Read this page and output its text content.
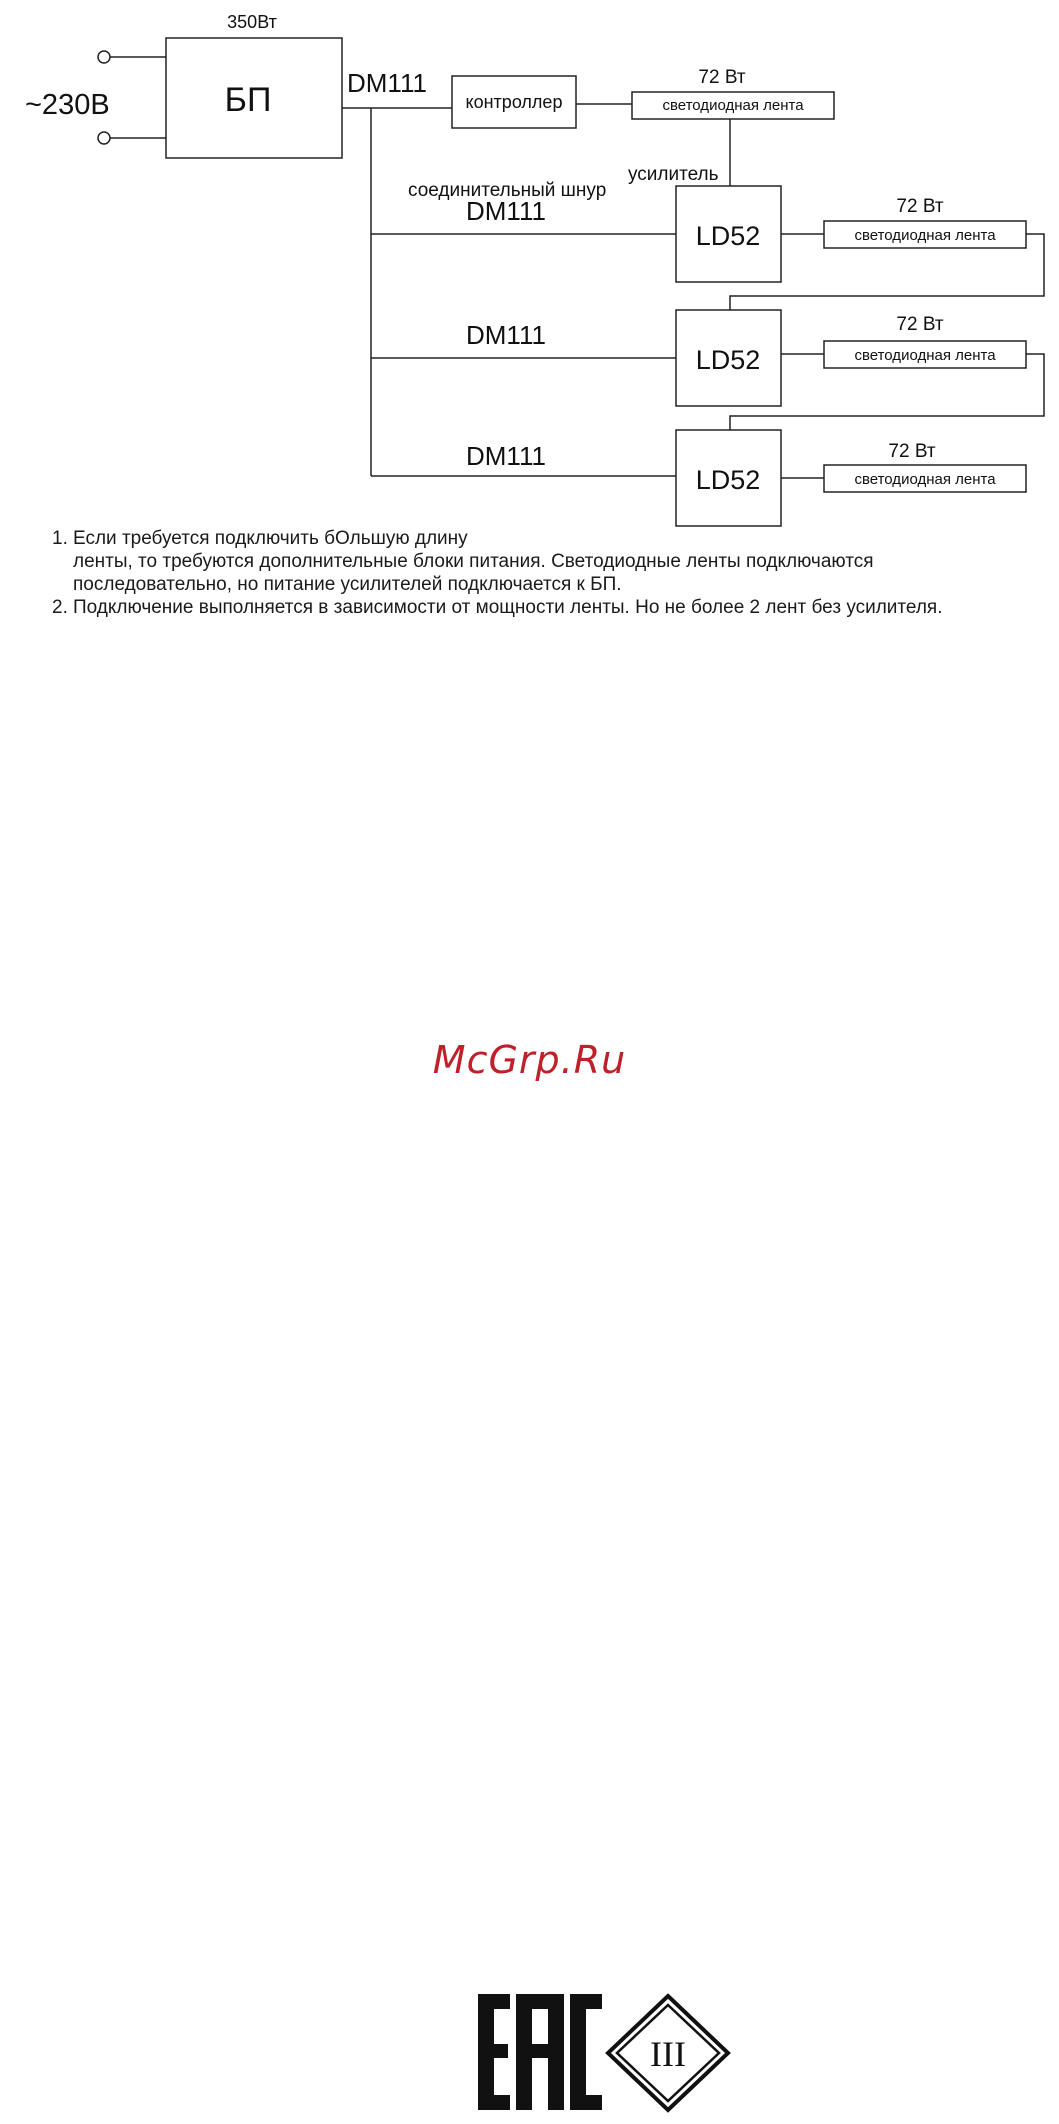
350Вт
~230В	БП	DM111
контроллер
72 Вт
светодиодная лента
усилитель
соединительный шнур
DM111
LD52
72 Вт
светодиодная лента
DM111
LD52
72 Вт
светодиодная лента
DM111
LD52
72 Вт
светодиодная лента
1. Если требуется подключить бОльшую длину
ленты, то требуются дополнительные блоки питания. Светодиодные ленты подключаются
последовательно, но питание усилителей подключается к БП.
2. Подключение выполняется в зависимости от мощности ленты. Но не более 2 лент без усилителя.
McGrp.Ru
III
